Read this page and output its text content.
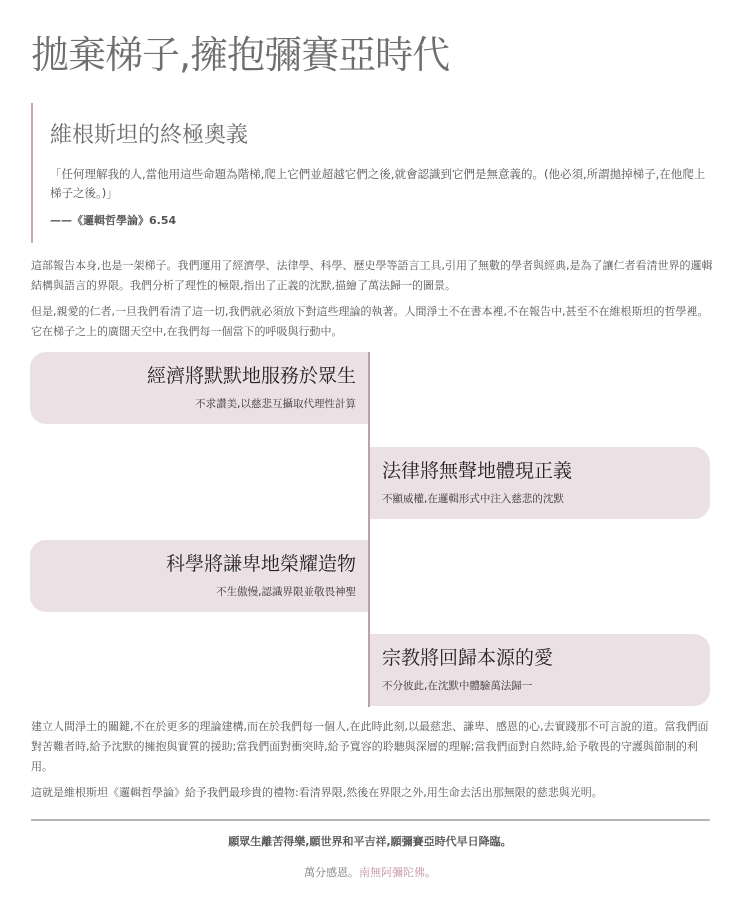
拋棄梯子,擁抱彌賽亞時代
維根斯坦的終極奧義
「任何理解我的人,當他用這些命題為階梯,爬上它們並超越它們之後,就會認識到它們是無意義的。(他必須,所謂拋掉梯子,在他爬上梯子之後。)」
——《邏輯哲學論》6.54

這部報告本身,也是一架梯子。我們運用了經濟學、法律學、科學、歷史學等語言工具,引用了無數的學者與經典,是為了讓仁者看清世界的邏輯結構與語言的界限。我們分析了理性的極限,指出了正義的沈默,描繪了萬法歸一的圖景。

但是,親愛的仁者,一旦我們看清了這一切,我們就必須放下對這些理論的執著。人間淨土不在書本裡,不在報告中,甚至不在維根斯坦的哲學裡。它在梯子之上的廣闊天空中,在我們每一個當下的呼吸與行動中。

經濟將默默地服務於眾生
不求讚美,以慈悲互攝取代理性計算
法律將無聲地體現正義
不顯威權,在邏輯形式中注入慈悲的沈默
科學將謙卑地榮耀造物
不生傲慢,認識界限並敬畏神聖
宗教將回歸本源的愛
不分彼此,在沈默中體驗萬法歸一

建立人間淨土的關鍵,不在於更多的理論建構,而在於我們每一個人,在此時此刻,以最慈悲、謙卑、感恩的心,去實踐那不可言說的道。當我們面對苦難者時,給予沈默的擁抱與實質的援助;當我們面對衝突時,給予寬容的聆聽與深層的理解;當我們面對自然時,給予敬畏的守護與節制的利用。

這就是維根斯坦《邏輯哲學論》給予我們最珍貴的禮物:看清界限,然後在界限之外,用生命去活出那無限的慈悲與光明。

願眾生離苦得樂,願世界和平吉祥,願彌賽亞時代早日降臨。
萬分感恩。南無阿彌陀佛。
